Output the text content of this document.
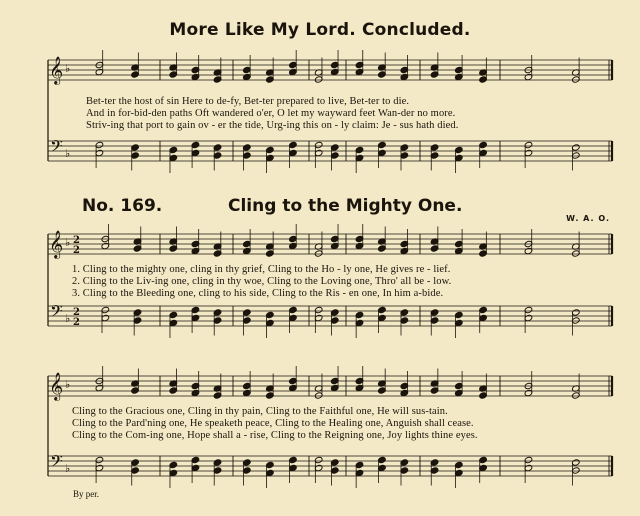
More Like My Lord. Concluded.
No. 169.	Cling to the Mighty One.
W. A. O.
By per.
Bet-ter the host of sin Here to de-fy, Bet-ter prepared to live, Bet-ter to die.
And in for-bid-den paths Oft wandered o'er, O let my wayward feet Wan-der no more.
Striv-ing that port to gain ov - er the tide, Urg-ing this on - ly claim: Je - sus hath died.
1. Cling to the mighty one, cling in thy grief, Cling to the Ho - ly one, He gives re - lief.
2. Cling to the Liv-ing one, cling in thy woe, Cling to the Loving one, Thro' all be - low.
3. Cling to the Bleeding one, cling to his side, Cling to the Ris - en one, In him a-bide.
Cling to the Gracious one, Cling in thy pain, Cling to the Faithful one, He will sus-tain.
Cling to the Pard'ning one, He speaketh peace, Cling to the Healing one, Anguish shall cease.
Cling to the Com-ing one, Hope shall a - rise, Cling to the Reigning one, Joy lights thine eyes.
𝄞
𝄢
♭
♭
𝄞
𝄢
♭
♭
2
2
2
2
𝄞
𝄢
♭
♭
